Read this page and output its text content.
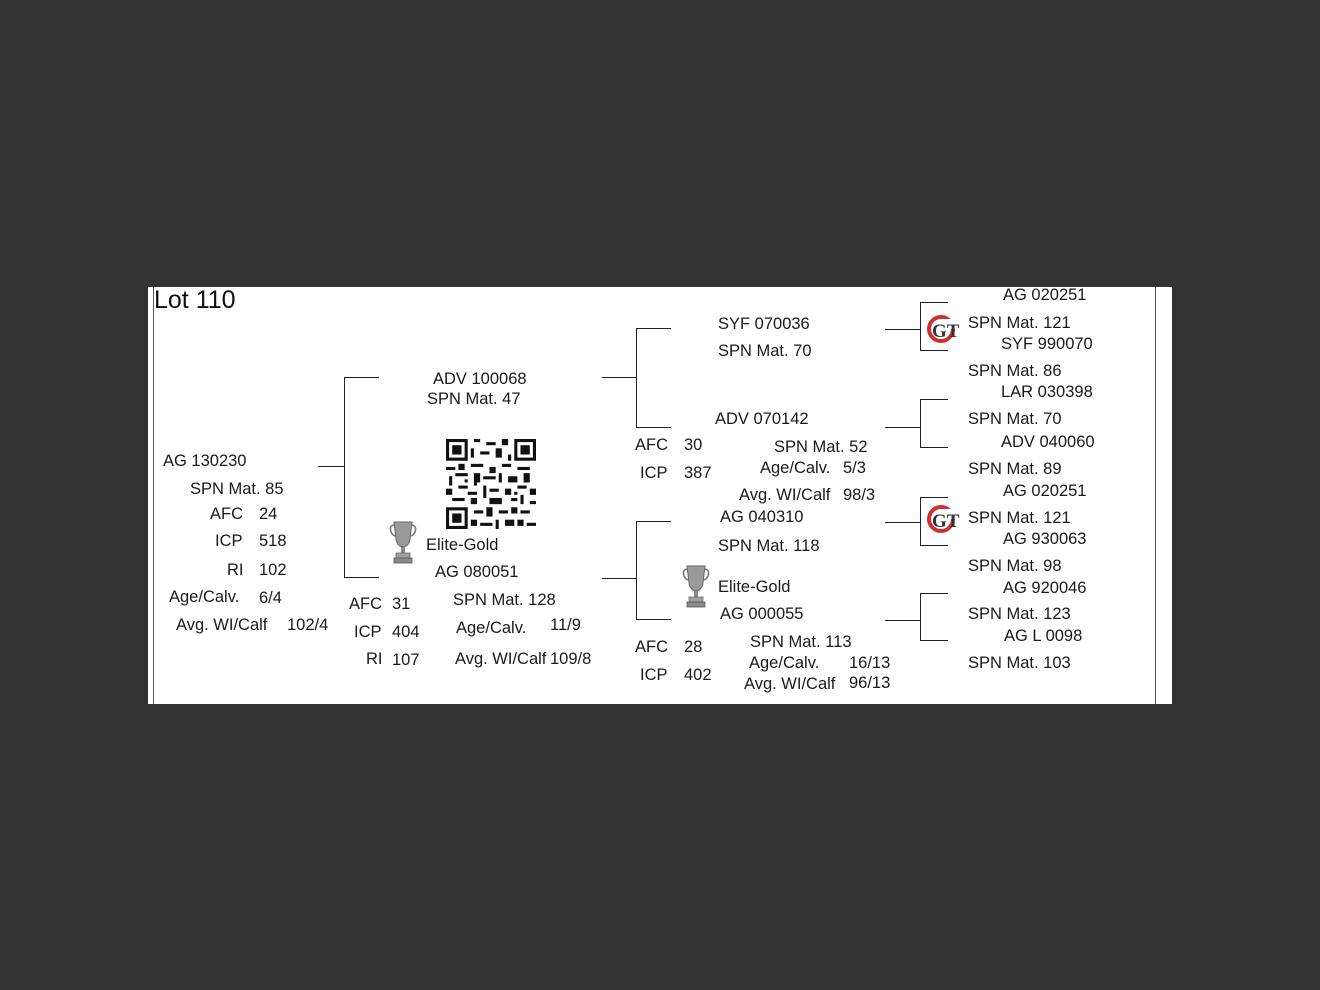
Lot 110
AG 130230
SPN Mat. 85
AFC 24
ICP 518
RI 102
Age/Calv. 6/4
Avg. WI/Calf 102/4
ADV 100068
SPN Mat. 47
Elite-Gold
AG 080051
SPN Mat. 128
AFC 31
ICP 404
RI 107
Age/Calv. 11/9
Avg. WI/Calf 109/8
SYF 070036
SPN Mat. 70
ADV 070142
AFC 30
ICP 387
SPN Mat. 52
Age/Calv. 5/3
Avg. WI/Calf 98/3
AG 040310
SPN Mat. 118
Elite-Gold
AG 000055
AFC 28
ICP 402
SPN Mat. 113
Age/Calv. 16/13
Avg. WI/Calf 96/13
GT
GT
AG 020251
SPN Mat. 121
SYF 990070
SPN Mat. 86
LAR 030398
SPN Mat. 70
ADV 040060
SPN Mat. 89
AG 020251
SPN Mat. 121
AG 930063
SPN Mat. 98
AG 920046
SPN Mat. 123
AG L 0098
SPN Mat. 103
